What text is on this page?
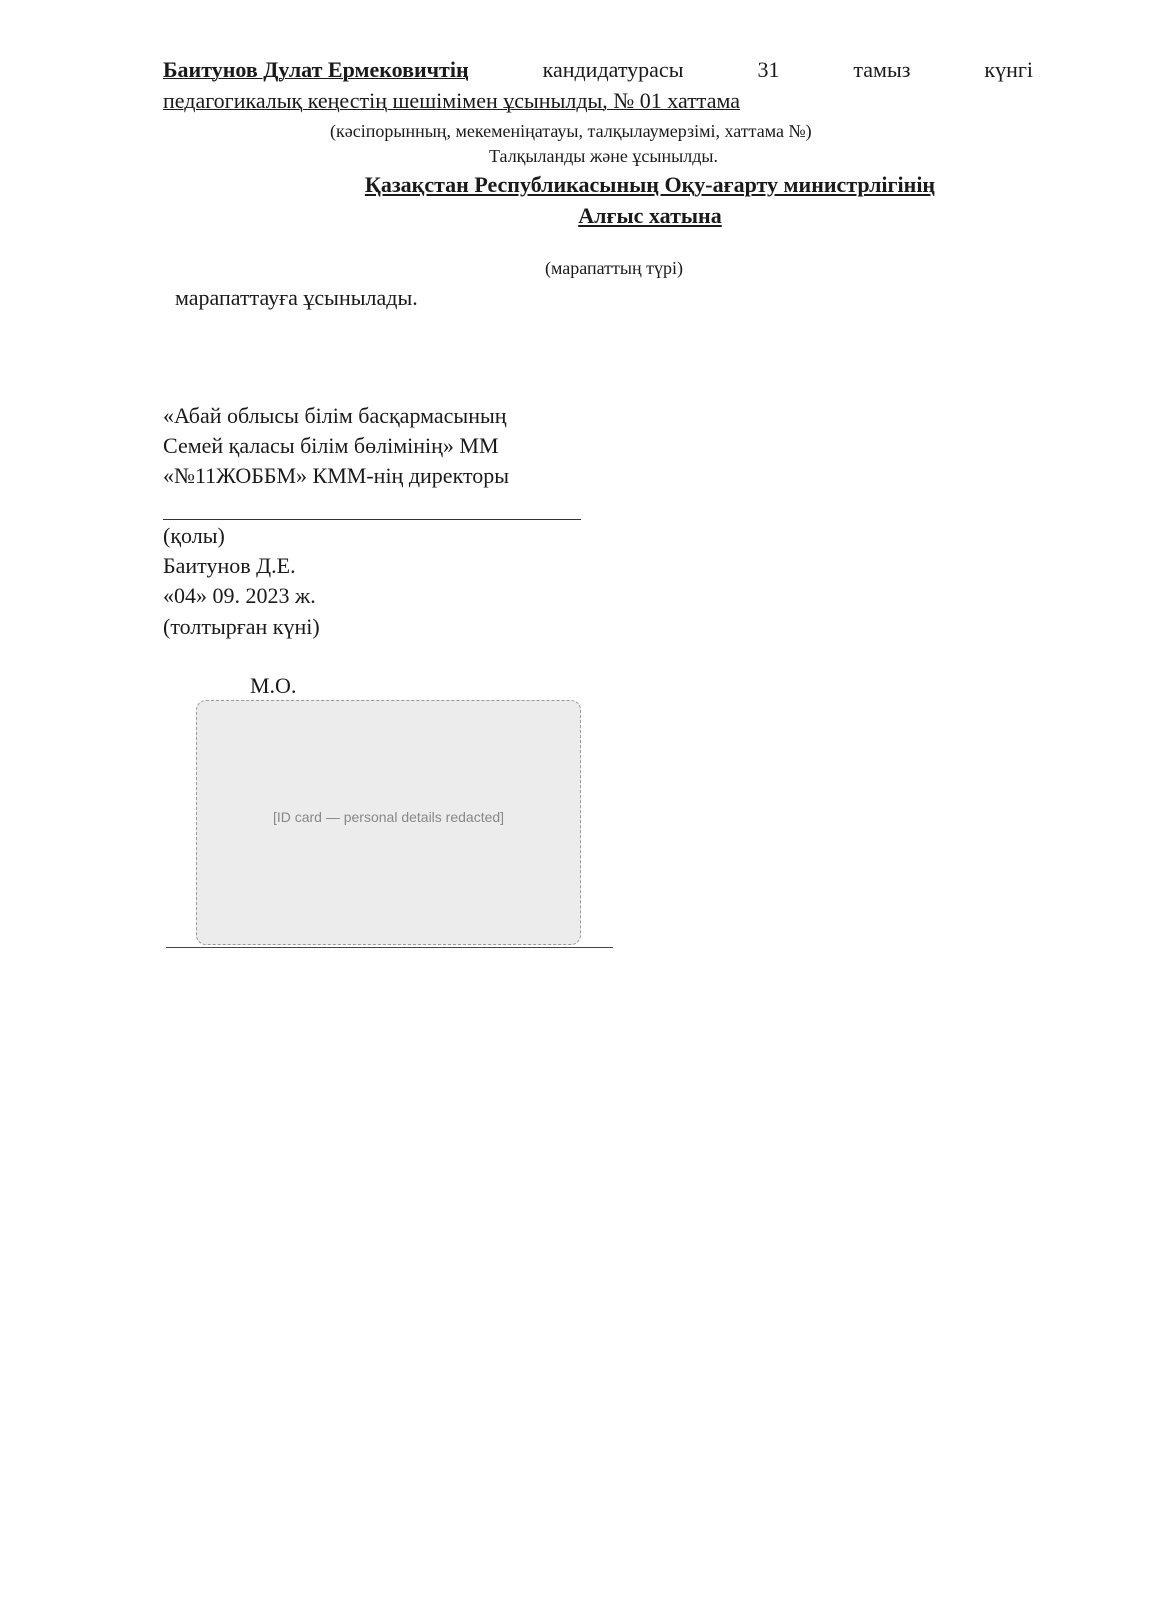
Баитунов Дулат Ермековичтің	кандидатурасы	31	тамыз	күнгі
педагогикалық кеңестің шешімімен ұсынылды, № 01 хаттама
(кәсіпорынның, мекеменіңатауы, талқылаумерзімі, хаттама №)
Талқыланды және ұсынылды.
Қазақстан Республикасының Оқу-ағарту министрлігінің
Алғыс хатына
(марапаттың түрі)
марапаттауға ұсынылады.
«Абай облысы білім басқармасының
Семей қаласы білім бөлімінің» ММ
«№11ЖОББМ» КММ-нің директоры
(қолы)
Баитунов Д.Е.
«04» 09. 2023 ж.
(толтырған күні)
М.О.
[ID card — personal details redacted]
